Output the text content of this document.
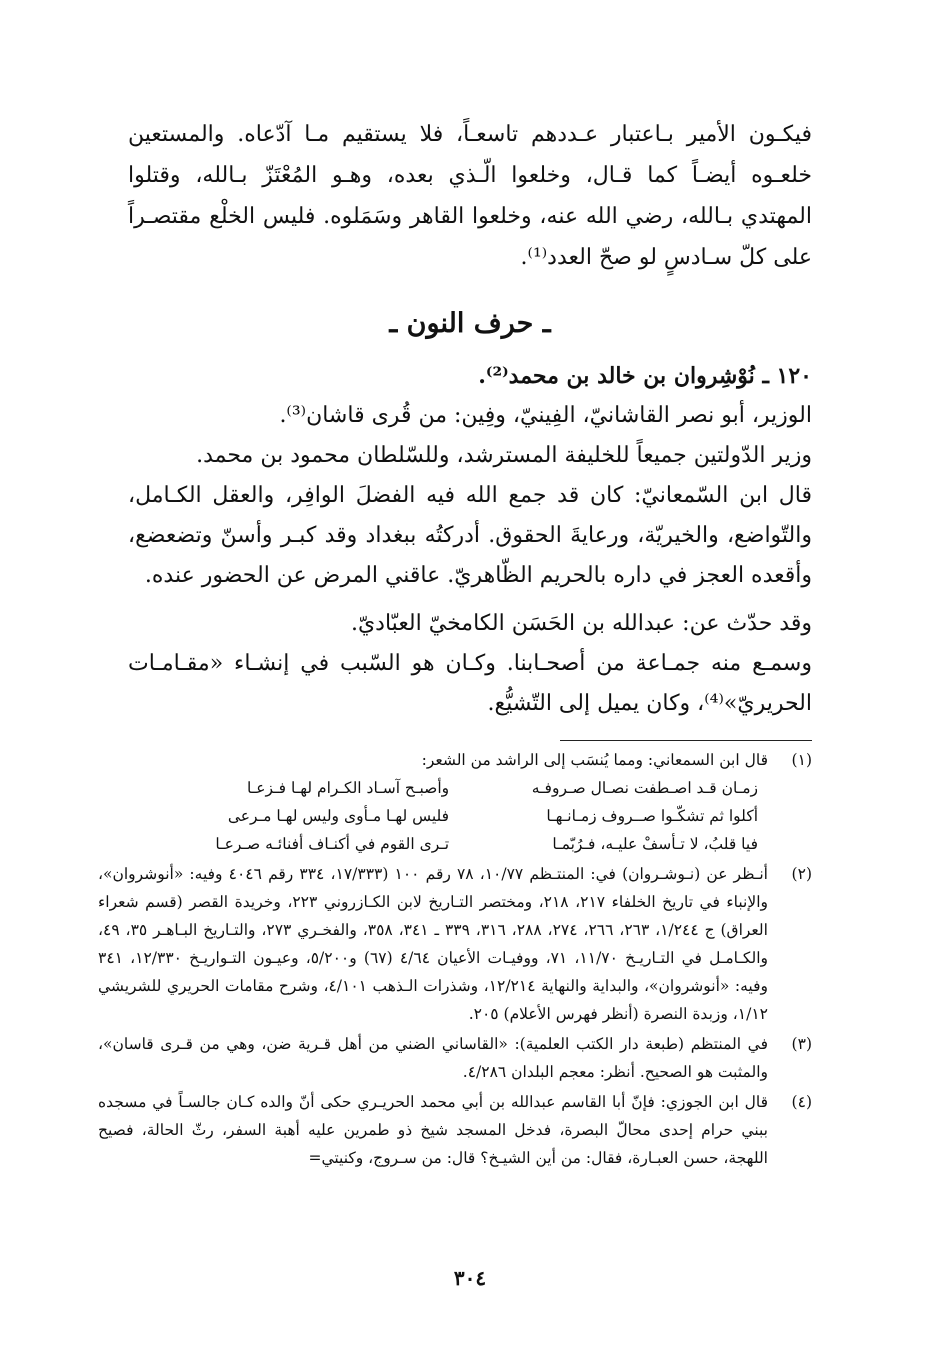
فيكـون الأمير بـاعتبار عـددهم تاسعـاً، فلا يستقيم مـا آدّعاه. والمستعين خلعـوه أيضـاً كما قـال، وخلعوا الّـذي بعده، وهـو المُعْتَزّ بـالله، وقتلوا المهتدي بـالله، رضي الله عنه، وخلعوا القاهر وسَمَلوه. فليس الخلْع مقتصـراً على كلّ سـادسٍ لو صحّ العدد⁽¹⁾.

ـ حرف النون ـ

١٢٠ ـ نُوْشِروان بن خالد بن محمد⁽²⁾.

الوزير، أبو نصر القاشانيّ، الفِينيّ، وفِين: من قُرى قاشان⁽³⁾.

وزير الدّولتين جميعاً للخليفة المسترشد، وللسّلطان محمود بن محمد.

قال ابن السّمعانيّ: كان قد جمع الله فيه الفضلَ الوافِر، والعقل الكـامل، والتّواضع، والخيريّة، ورعايةَ الحقوق. أدركتُه ببغداد وقد كبـر وأسنّ وتضعضع، وأقعده العجز في داره بالحريم الظّاهريّ. عاقني المرض عن الحضور عنده.

وقد حدّث عن: عبدالله بن الحَسَن الكامخيّ العبّاديّ.

وسمـع منه جمـاعة من أصحـابنا. وكـان هو السّبب في إنشـاء «مقـامـات الحريريّ»⁽⁴⁾، وكان يميل إلى التّشيُّع.

(١)

قال ابن السمعاني: ومما يُنسَب إلى الراشد من الشعر:

زمـان قـد اصـطفت نصـال صـروفـه
وأصبـح آسـاد الكـرام لهـا فـزعـا
أكلوا ثم تشكّـوا صــروف زمـانـهـا
فليس لهـا مـأوى وليس لهـا مـرعى
فيا قلبُ، لا تـأسفْ عليـه، فـرُبّمـا
تـرى القوم في أكنـاف أفنائـه صـرعـا
(٢)

أنـظر عن (نـوشـروان) في: المنتـظم ١٠/٧٧، ٧٨ رقم ١٠٠ (١٧/٣٣٣، ٣٣٤ رقم ٤٠٤٦ وفيه: «أنوشروان»، والإنباء في تاريخ الخلفاء ٢١٧، ٢١٨، ومختصر التـاريخ لابن الكـازروني ٢٢٣، وخريدة القصر (قسم شعراء العراق) ج ١/٢٤٤، ٢٦٣، ٢٦٦، ٢٧٤، ٢٨٨، ٣١٦، ٣٣٩ ـ ٣٤١، ٣٥٨، والفخـري ٢٧٣، والتـاريخ البـاهـر ٣٥، ٤٩، والكـامـل في التـاريـخ ١١/٧٠، ٧١، ووفيـات الأعيان ٤/٦٤ (٦٧) و٥/٢٠٠، وعيـون التـواريـخ ١٢/٣٣٠، ٣٤١ وفيه: «أنوشروان»، والبداية والنهاية ١٢/٢١٤، وشذرات الـذهب ٤/١٠١، وشرح مقامات الحريري للشريشي ١/١٢، وزبدة النصرة (أنظر فهرس الأعلام) ٢٠٥.

(٣)

في المنتظم (طبعة دار الكتب العلمية): «القاساني الضني من أهل قـرية ضن، وهي من قـرى قاسان»، والمثبت هو الصحيح. أنظر: معجم البلدان ٤/٢٨٦.

(٤)

قال ابن الجوزي: فإنّ أبا القاسم عبدالله بن أبي محمد الحريـري حكى أنّ والده كـان جالسـاً في مسجده ببني حرام إحدى محالّ البصرة، فدخل المسجد شيخ ذو طمرين عليه أهبة السفر، رثّ الحالة، فصيح اللهجة، حسن العبـارة، فقال: من أين الشيـخ؟ قال: من سـروج، وكنيتي=

٣٠٤
